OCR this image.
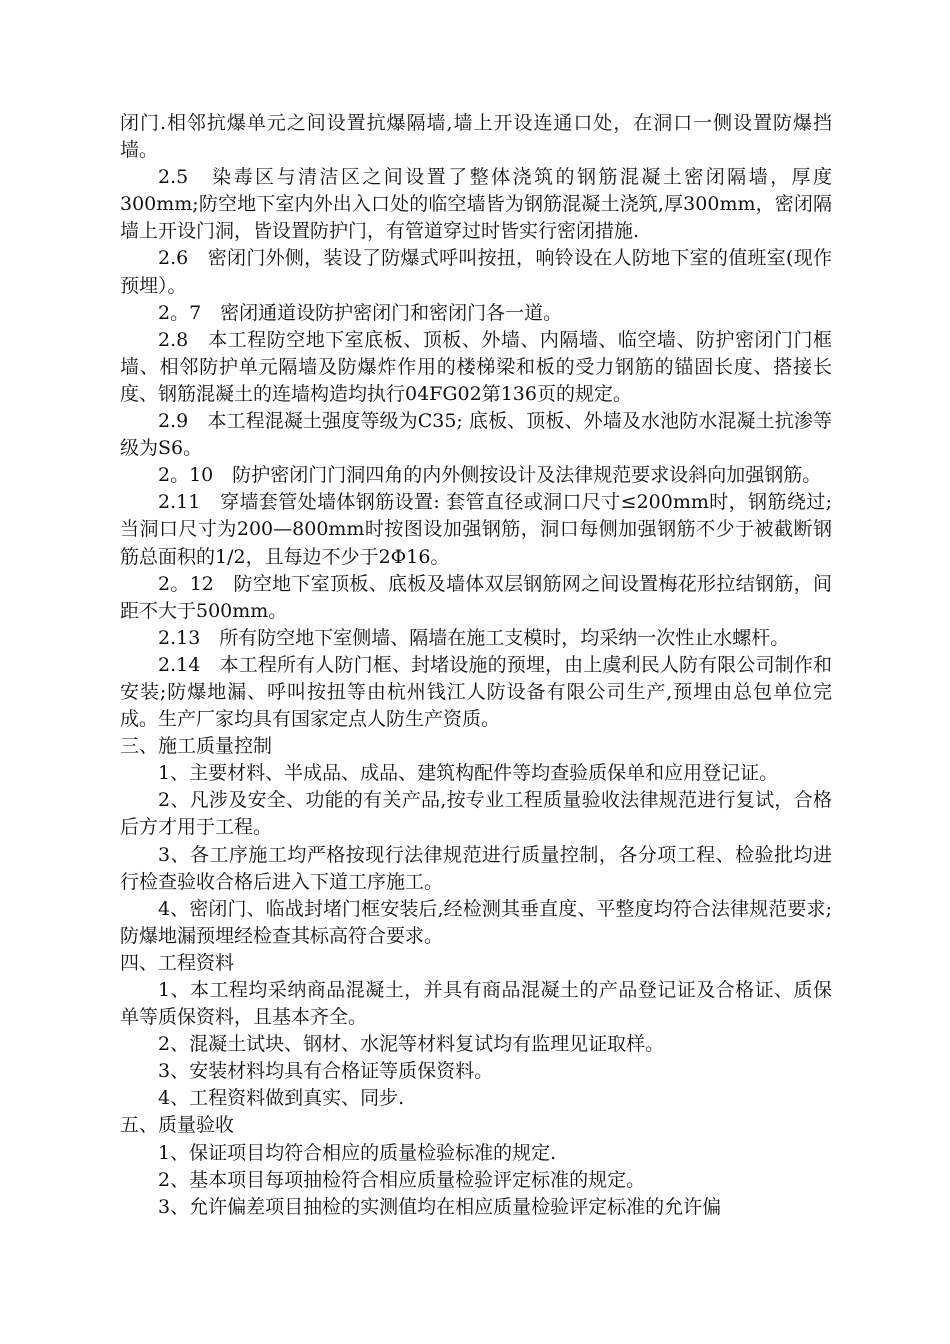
闭门.相邻抗爆单元之间设置抗爆隔墙,墙上开设连通口处，在洞口一侧设置防爆挡墙。

2.5　染毒区与清洁区之间设置了整体浇筑的钢筋混凝土密闭隔墙，厚度300mm;防空地下室内外出入口处的临空墙皆为钢筋混凝土浇筑,厚300mm，密闭隔墙上开设门洞，皆设置防护门，有管道穿过时皆实行密闭措施.

2.6　密闭门外侧，装设了防爆式呼叫按扭，响铃设在人防地下室的值班室(现作预埋）。

2。7　密闭通道设防护密闭门和密闭门各一道。

2.8　本工程防空地下室底板、顶板、外墙、内隔墙、临空墙、防护密闭门门框墙、相邻防护单元隔墙及防爆炸作用的楼梯梁和板的受力钢筋的锚固长度、搭接长度、钢筋混凝土的连墙构造均执行04FG02第136页的规定。

2.9　本工程混凝土强度等级为C35; 底板、顶板、外墙及水池防水混凝土抗渗等级为S6。

2。10　防护密闭门门洞四角的内外侧按设计及法律规范要求设斜向加强钢筋。

2.11　穿墙套管处墙体钢筋设置: 套管直径或洞口尺寸≤200mm时，钢筋绕过; 当洞口尺寸为200—800mm时按图设加强钢筋，洞口每侧加强钢筋不少于被截断钢筋总面积的1/2，且每边不少于2Φ16。

2。12　防空地下室顶板、底板及墙体双层钢筋网之间设置梅花形拉结钢筋，间距不大于500mm。

2.13　所有防空地下室侧墙、隔墙在施工支模时，均采纳一次性止水螺杆。

2.14　本工程所有人防门框、封堵设施的预埋，由上虞利民人防有限公司制作和安装;防爆地漏、呼叫按扭等由杭州钱江人防设备有限公司生产,预埋由总包单位完成。生产厂家均具有国家定点人防生产资质。

三、施工质量控制

1、主要材料、半成品、成品、建筑构配件等均查验质保单和应用登记证。

2、凡涉及安全、功能的有关产品,按专业工程质量验收法律规范进行复试，合格后方才用于工程。

3、各工序施工均严格按现行法律规范进行质量控制，各分项工程、检验批均进行检查验收合格后进入下道工序施工。

4、密闭门、临战封堵门框安装后,经检测其垂直度、平整度均符合法律规范要求; 防爆地漏预埋经检查其标高符合要求。

四、工程资料

1、本工程均采纳商品混凝土，并具有商品混凝土的产品登记证及合格证、质保单等质保资料，且基本齐全。

2、混凝土试块、钢材、水泥等材料复试均有监理见证取样。

3、安装材料均具有合格证等质保资料。

4、工程资料做到真实、同步.

五、质量验收

1、保证项目均符合相应的质量检验标准的规定.

2、基本项目每项抽检符合相应质量检验评定标准的规定。

3、允许偏差项目抽检的实测值均在相应质量检验评定标准的允许偏
